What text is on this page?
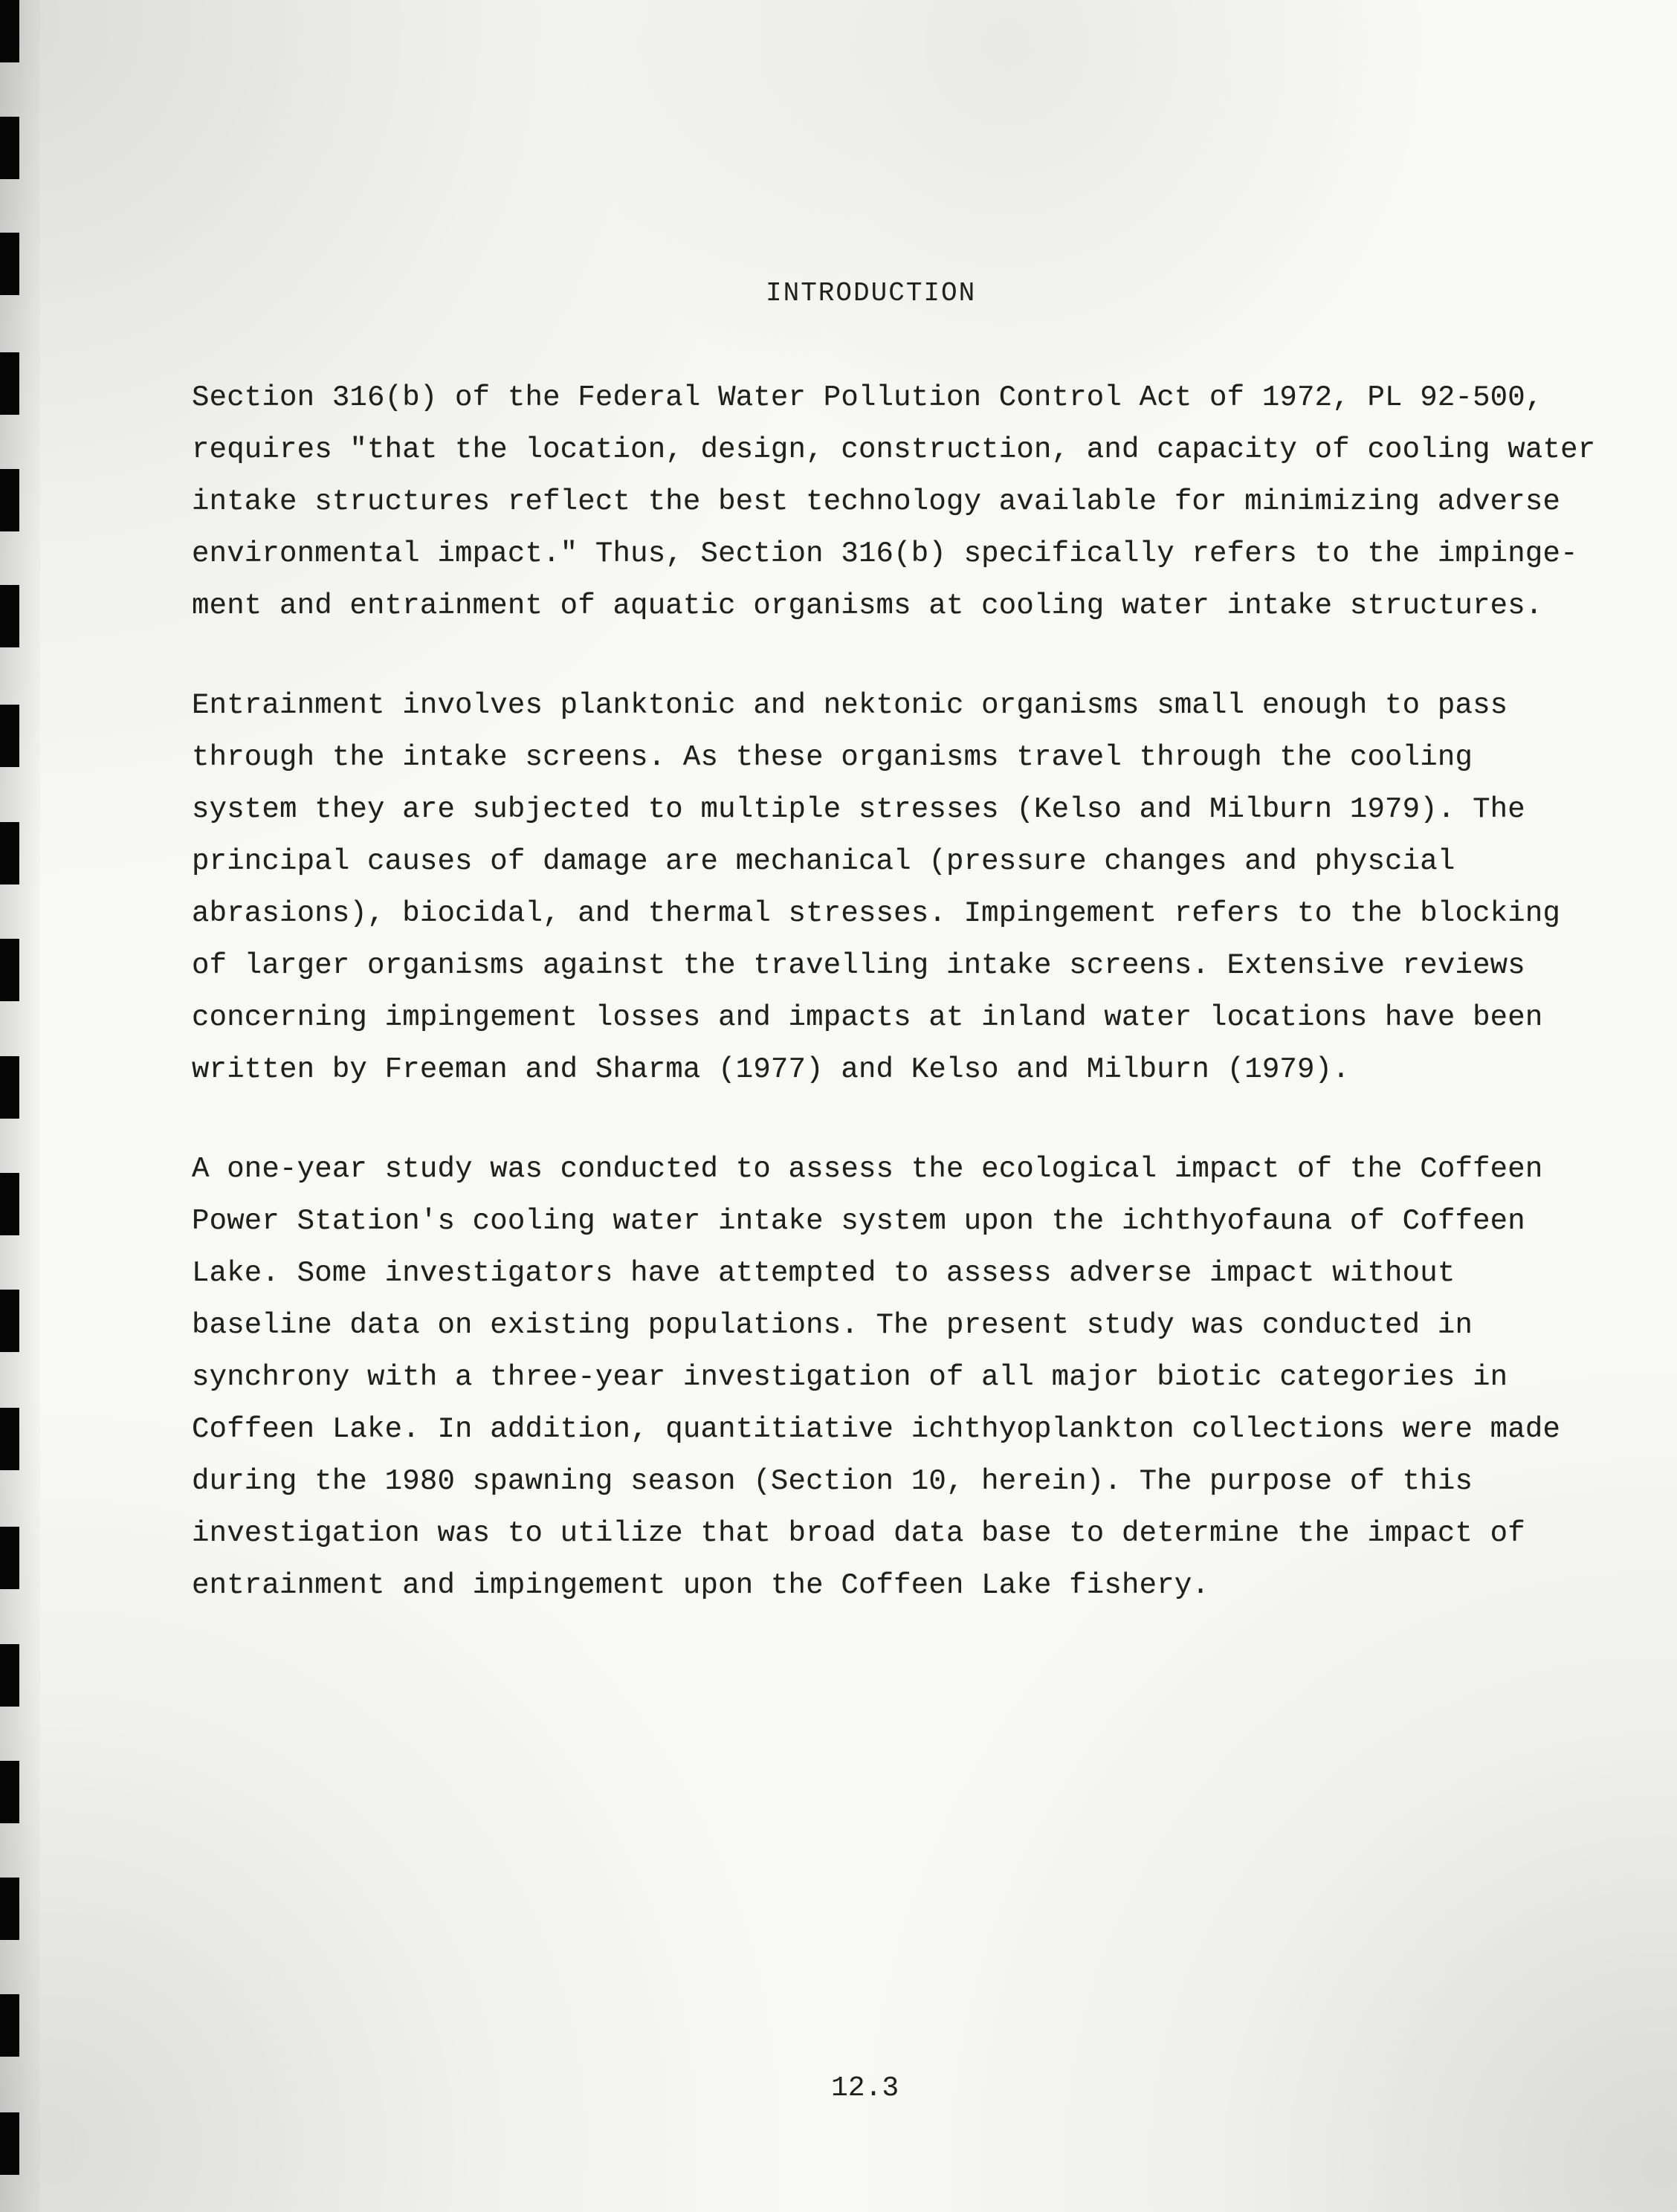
INTRODUCTION
Section 316(b) of the Federal Water Pollution Control Act of 1972, PL 92-500,
requires "that the location, design, construction, and capacity of cooling water
intake structures reflect the best technology available for minimizing adverse
environmental impact." Thus, Section 316(b) specifically refers to the impinge-
ment and entrainment of aquatic organisms at cooling water intake structures.
Entrainment involves planktonic and nektonic organisms small enough to pass
through the intake screens. As these organisms travel through the cooling
system they are subjected to multiple stresses (Kelso and Milburn 1979). The
principal causes of damage are mechanical (pressure changes and physcial
abrasions), biocidal, and thermal stresses. Impingement refers to the blocking
of larger organisms against the travelling intake screens. Extensive reviews
concerning impingement losses and impacts at inland water locations have been
written by Freeman and Sharma (1977) and Kelso and Milburn (1979).
A one-year study was conducted to assess the ecological impact of the Coffeen
Power Station's cooling water intake system upon the ichthyofauna of Coffeen
Lake. Some investigators have attempted to assess adverse impact without
baseline data on existing populations. The present study was conducted in
synchrony with a three-year investigation of all major biotic categories in
Coffeen Lake. In addition, quantitiative ichthyoplankton collections were made
during the 1980 spawning season (Section 10, herein). The purpose of this
investigation was to utilize that broad data base to determine the impact of
entrainment and impingement upon the Coffeen Lake fishery.
12.3
